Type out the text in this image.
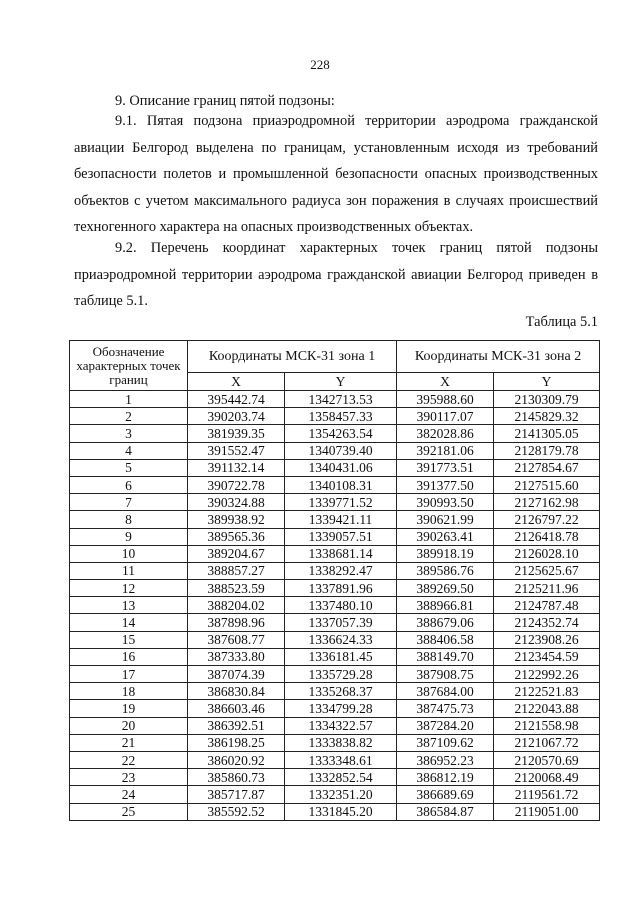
228
9. Описание границ пятой подзоны:
9.1. Пятая подзона приаэродромной территории аэродрома гражданской авиации Белгород выделена по границам, установленным исходя из требований безопасности полетов и промышленной безопасности опасных производственных объектов с учетом максимального радиуса зон поражения в случаях происшествий техногенного характера на опасных производственных объектах.
9.2. Перечень координат характерных точек границ пятой подзоны приаэродромной территории аэродрома гражданской авиации Белгород приведен в таблице 5.1.
Таблица 5.1
Обозначение характерных точек границ	Координаты МСК-31 зона 1		Координаты МСК-31 зона 2	
	X	Y	X	Y
1	395442.74	1342713.53	395988.60	2130309.79
2	390203.74	1358457.33	390117.07	2145829.32
3	381939.35	1354263.54	382028.86	2141305.05
4	391552.47	1340739.40	392181.06	2128179.78
5	391132.14	1340431.06	391773.51	2127854.67
6	390722.78	1340108.31	391377.50	2127515.60
7	390324.88	1339771.52	390993.50	2127162.98
8	389938.92	1339421.11	390621.99	2126797.22
9	389565.36	1339057.51	390263.41	2126418.78
10	389204.67	1338681.14	389918.19	2126028.10
11	388857.27	1338292.47	389586.76	2125625.67
12	388523.59	1337891.96	389269.50	2125211.96
13	388204.02	1337480.10	388966.81	2124787.48
14	387898.96	1337057.39	388679.06	2124352.74
15	387608.77	1336624.33	388406.58	2123908.26
16	387333.80	1336181.45	388149.70	2123454.59
17	387074.39	1335729.28	387908.75	2122992.26
18	386830.84	1335268.37	387684.00	2122521.83
19	386603.46	1334799.28	387475.73	2122043.88
20	386392.51	1334322.57	387284.20	2121558.98
21	386198.25	1333838.82	387109.62	2121067.72
22	386020.92	1333348.61	386952.23	2120570.69
23	385860.73	1332852.54	386812.19	2120068.49
24	385717.87	1332351.20	386689.69	2119561.72
25	385592.52	1331845.20	386584.87	2119051.00
